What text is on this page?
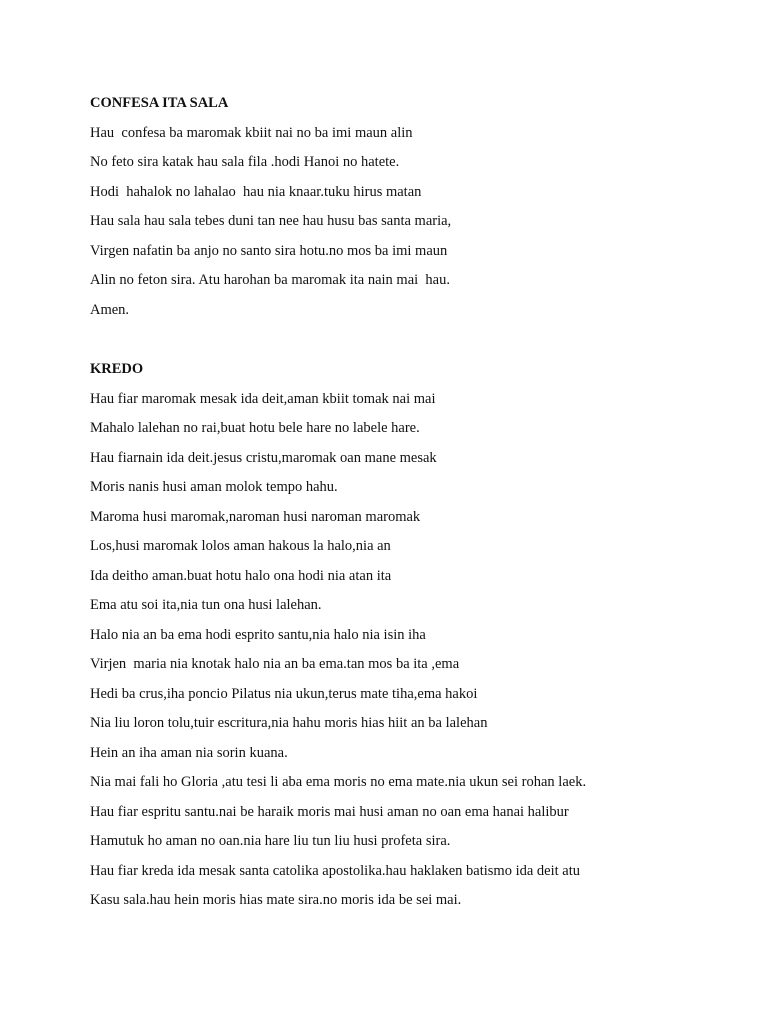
CONFESA ITA SALA
Hau  confesa ba maromak kbiit nai no ba imi maun alin
No feto sira katak hau sala fila .hodi Hanoi no hatete.
Hodi  hahalok no lahalao  hau nia knaar.tuku hirus matan
Hau sala hau sala tebes duni tan nee hau husu bas santa maria,
Virgen nafatin ba anjo no santo sira hotu.no mos ba imi maun
Alin no feton sira. Atu harohan ba maromak ita nain mai  hau.
Amen.
KREDO
Hau fiar maromak mesak ida deit,aman kbiit tomak nai mai
Mahalo lalehan no rai,buat hotu bele hare no labele hare.
Hau fiarnain ida deit.jesus cristu,maromak oan mane mesak
Moris nanis husi aman molok tempo hahu.
Maroma husi maromak,naroman husi naroman maromak
Los,husi maromak lolos aman hakous la halo,nia an
Ida deitho aman.buat hotu halo ona hodi nia atan ita
Ema atu soi ita,nia tun ona husi lalehan.
Halo nia an ba ema hodi esprito santu,nia halo nia isin iha
Virjen  maria nia knotak halo nia an ba ema.tan mos ba ita ,ema
Hedi ba crus,iha poncio Pilatus nia ukun,terus mate tiha,ema hakoi
Nia liu loron tolu,tuir escritura,nia hahu moris hias hiit an ba lalehan
Hein an iha aman nia sorin kuana.
Nia mai fali ho Gloria ,atu tesi li aba ema moris no ema mate.nia ukun sei rohan laek.
Hau fiar espritu santu.nai be haraik moris mai husi aman no oan ema hanai halibur
Hamutuk ho aman no oan.nia hare liu tun liu husi profeta sira.
Hau fiar kreda ida mesak santa catolika apostolika.hau haklaken batismo ida deit atu
Kasu sala.hau hein moris hias mate sira.no moris ida be sei mai.
